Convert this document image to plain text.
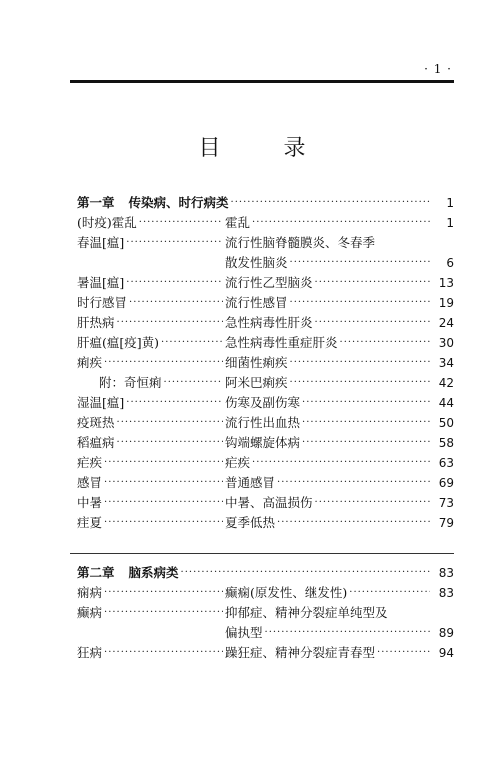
· 1 ·
目 录
第一章 传染病、时行病类 ·····	1
(时疫)霍乱 ·····	霍乱 ·····	1
春温[瘟] ·····	流行性脑脊髓膜炎、冬春季
散发性脑炎 ·····	6
暑温[瘟] ·····	流行性乙型脑炎 ·····	13
时行感冒 ·····	流行性感冒 ·····	19
肝热病 ·····	急性病毒性肝炎 ·····	24
肝瘟(瘟[疫]黄) ·····	急性病毒性重症肝炎 ·····	30
痢疾 ·····	细菌性痢疾 ·····	34
附：奇恒痢 ·····	阿米巴痢疾 ·····	42
湿温[瘟] ·····	伤寒及副伤寒 ·····	44
疫斑热 ·····	流行性出血热 ·····	50
稻瘟病 ·····	钩端螺旋体病 ·····	58
疟疾 ·····	疟疾 ·····	63
感冒 ·····	普通感冒 ·····	69
中暑 ·····	中暑、高温损伤 ·····	73
疰夏 ·····	夏季低热 ·····	79
第二章 脑系病类 ·····	83
痫病 ·····	癫痫(原发性、继发性) ·····	83
癫病 ·····	抑郁症、精神分裂症单纯型及
偏执型 ·····	89
狂病 ·····	躁狂症、精神分裂症青春型 ·····	94
